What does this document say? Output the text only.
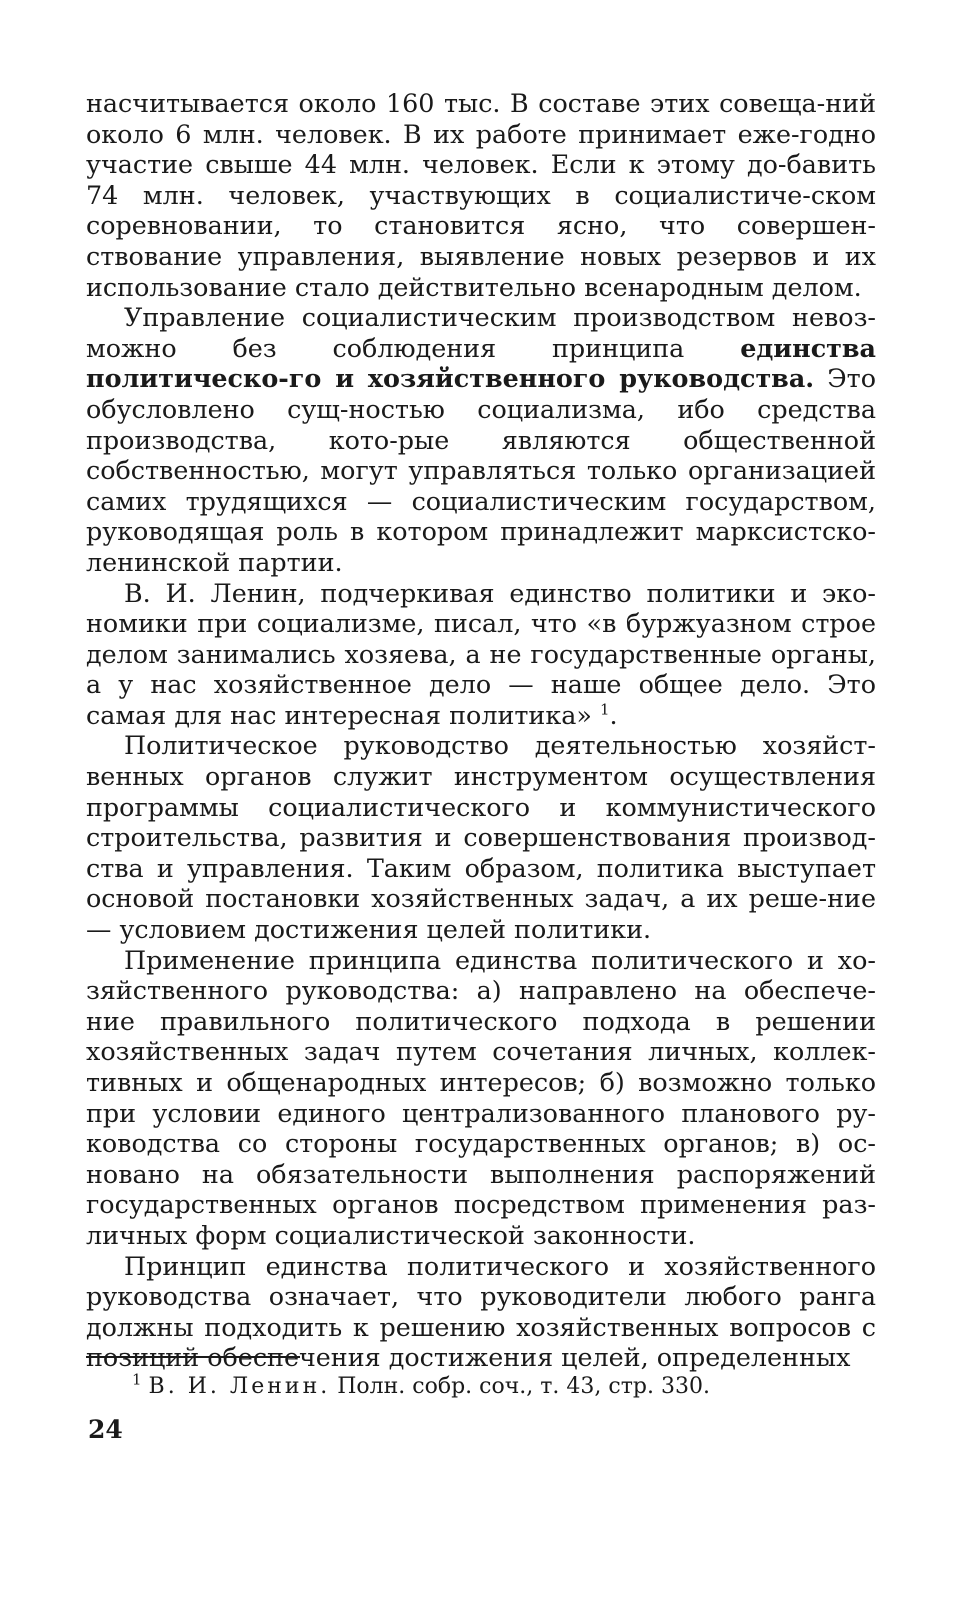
насчитывается около 160 тыс. В составе этих совеща-ний около 6 млн. человек. В их работе принимает еже-годно участие свыше 44 млн. человек. Если к этому до-бавить 74 млн. человек, участвующих в социалистиче-ском соревновании, то становится ясно, что совершен-ствование управления, выявление новых резервов и их использование стало действительно всенародным делом.

Управление социалистическим производством невоз-можно без соблюдения принципа единства политическо-го и хозяйственного руководства. Это обусловлено сущ-ностью социализма, ибо средства производства, кото-рые являются общественной собственностью, могут управляться только организацией самих трудящихся — социалистическим государством, руководящая роль в котором принадлежит марксистско-ленинской партии.

В. И. Ленин, подчеркивая единство политики и эко-номики при социализме, писал, что «в буржуазном строе делом занимались хозяева, а не государственные органы, а у нас хозяйственное дело — наше общее дело. Это самая для нас интересная политика» $^1$.

Политическое руководство деятельностью хозяйст-венных органов служит инструментом осуществления программы социалистического и коммунистического строительства, развития и совершенствования производ-ства и управления. Таким образом, политика выступает основой постановки хозяйственных задач, а их реше-ние — условием достижения целей политики.

Применение принципа единства политического и хо-зяйственного руководства: а) направлено на обеспече-ние правильного политического подхода в решении хозяйственных задач путем сочетания личных, коллек-тивных и общенародных интересов; б) возможно только при условии единого централизованного планового ру-ководства со стороны государственных органов; в) ос-новано на обязательности выполнения распоряжений государственных органов посредством применения раз-личных форм социалистической законности.

Принцип единства политического и хозяйственного руководства означает, что руководители любого ранга должны подходить к решению хозяйственных вопросов с позиций обеспечения достижения целей, определенных

$^1$ В. И. Ленин. Полн. собр. соч., т. 43, стр. 330.
24
